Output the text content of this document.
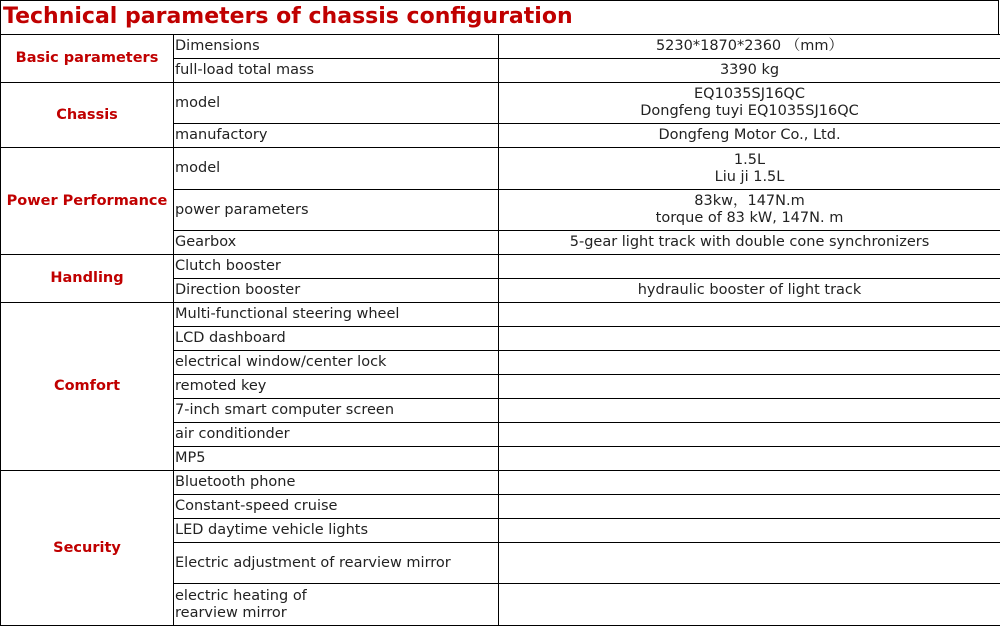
Technical parameters of chassis configuration
Basic parameters	Dimensions	5230*1870*2360 （mm）

	full-load total mass	3390 kg

Chassis	model	EQ1035SJ16QC
Dongfeng tuyi EQ1035SJ16QC

	manufactory	Dongfeng Motor Co., Ltd.

Power Performance	model	1.5L
Liu ji 1.5L

	power parameters	83kw，147N.m
torque of 83 kW, 147N. m

	Gearbox	5-gear light track with double cone synchronizers

Handling	Clutch booster	

	Direction booster	hydraulic booster of light track

Comfort	Multi-functional steering wheel	

	LCD dashboard	

	electrical window/center lock	

	remoted key	

	7-inch smart computer screen	

	air conditionder	

	MP5	

Security	Bluetooth phone	

	Constant-speed cruise	

	LED daytime vehicle lights	

	Electric adjustment of rearview mirror	

	electric heating of
rearview mirror	
